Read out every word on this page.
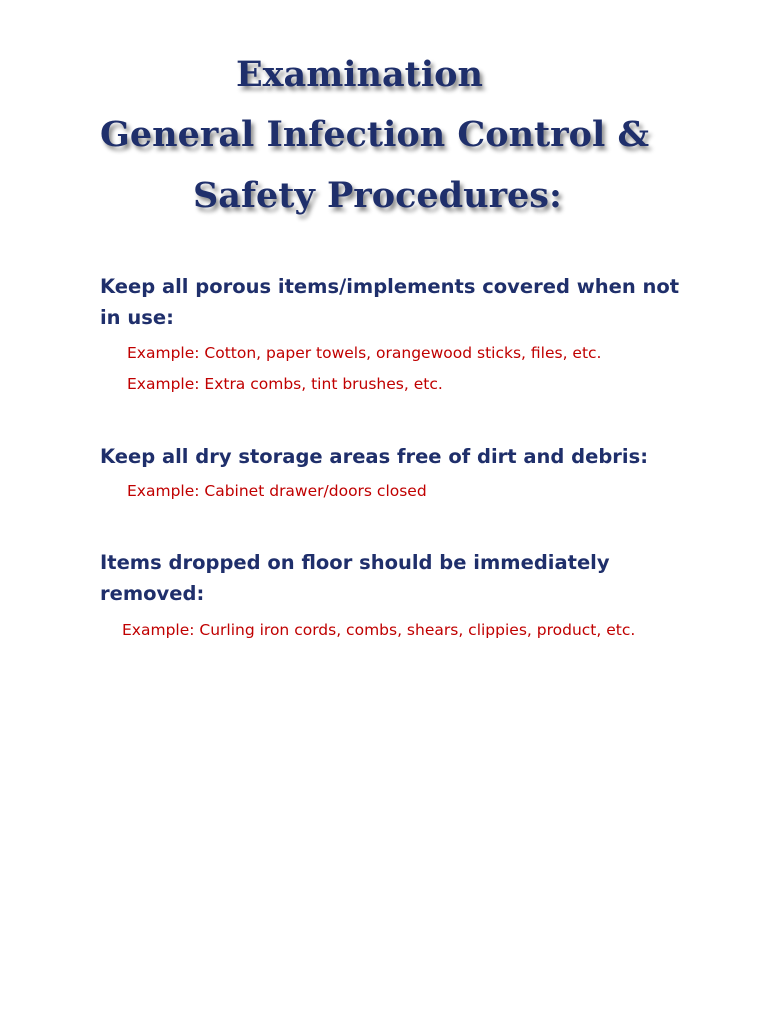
Examination
General Infection Control &
Safety Procedures:

Keep all porous items/implements covered when not in use:

Example: Cotton, paper towels, orangewood sticks, files, etc.

Example: Extra combs, tint brushes, etc.

Keep all dry storage areas free of dirt and debris:

Example: Cabinet drawer/doors closed

Items dropped on floor should be immediately removed:

Example: Curling iron cords, combs, shears, clippies, product, etc.
